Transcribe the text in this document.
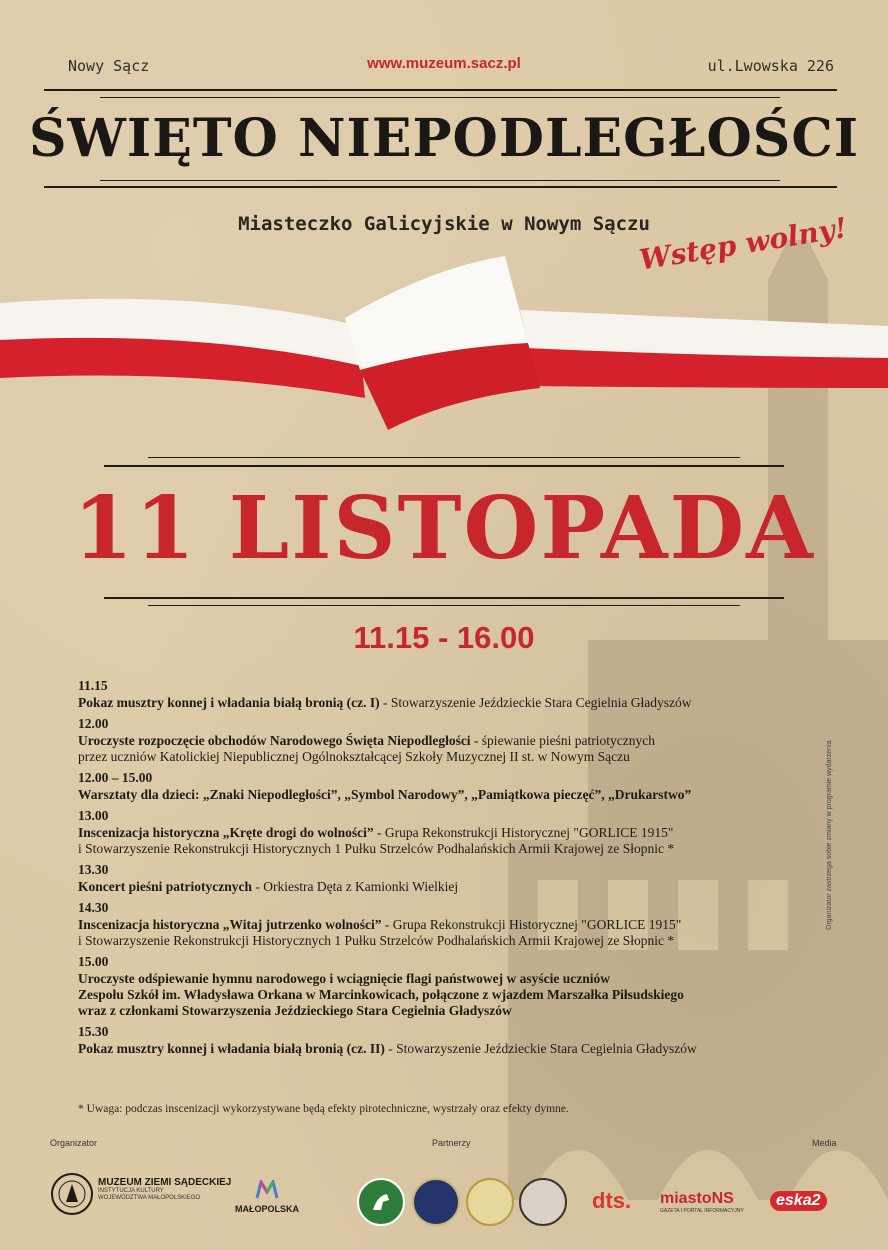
Nowy Sącz	www.muzeum.sacz.pl	ul.Lwowska 226
ŚWIĘTO NIEPODLEGŁOŚCI
Miasteczko Galicyjskie w Nowym Sączu
Wstęp wolny!
11 LISTOPADA
11.15 - 16.00
11.15
Pokaz musztry konnej i władania białą bronią (cz. I) - Stowarzyszenie Jeździeckie Stara Cegielnia Gładyszów
12.00
Uroczyste rozpoczęcie obchodów Narodowego Święta Niepodległości - śpiewanie pieśni patriotycznych
przez uczniów Katolickiej Niepublicznej Ogólnokształcącej Szkoły Muzycznej II st. w Nowym Sączu
12.00 – 15.00
Warsztaty dla dzieci: „Znaki Niepodległości”, „Symbol Narodowy”, „Pamiątkowa pieczęć”, „Drukarstwo”
13.00
Inscenizacja historyczna „Kręte drogi do wolności” - Grupa Rekonstrukcji Historycznej "GORLICE 1915"
i Stowarzyszenie Rekonstrukcji Historycznych 1 Pułku Strzelców Podhalańskich Armii Krajowej ze Słopnic *
13.30
Koncert pieśni patriotycznych - Orkiestra Dęta z Kamionki Wielkiej
14.30
Inscenizacja historyczna „Witaj jutrzenko wolności” - Grupa Rekonstrukcji Historycznej "GORLICE 1915"
i Stowarzyszenie Rekonstrukcji Historycznych 1 Pułku Strzelców Podhalańskich Armii Krajowej ze Słopnic *
15.00
Uroczyste odśpiewanie hymnu narodowego i wciągnięcie flagi państwowej w asyście uczniów
Zespołu Szkół im. Władysława Orkana w Marcinkowicach, połączone z wjazdem Marszałka Piłsudskiego
wraz z członkami Stowarzyszenia Jeździeckiego Stara Cegielnia Gładyszów
15.30
Pokaz musztry konnej i władania białą bronią (cz. II) - Stowarzyszenie Jeździeckie Stara Cegielnia Gładyszów
* Uwaga: podczas inscenizacji wykorzystywane będą efekty pirotechniczne, wystrzały oraz efekty dymne.
Organizator zastrzega sobie zmiany w programie wydarzenia
Organizator	Partnerzy	Media
MUZEUM ZIEMI SĄDECKIEJ
INSTYTUCJA KULTURY
WOJEWÓDZTWA MAŁOPOLSKIEGO
MAŁOPOLSKA	dts. miastoNS
GAZETA I PORTAL INFORMACYJNY
eska2
